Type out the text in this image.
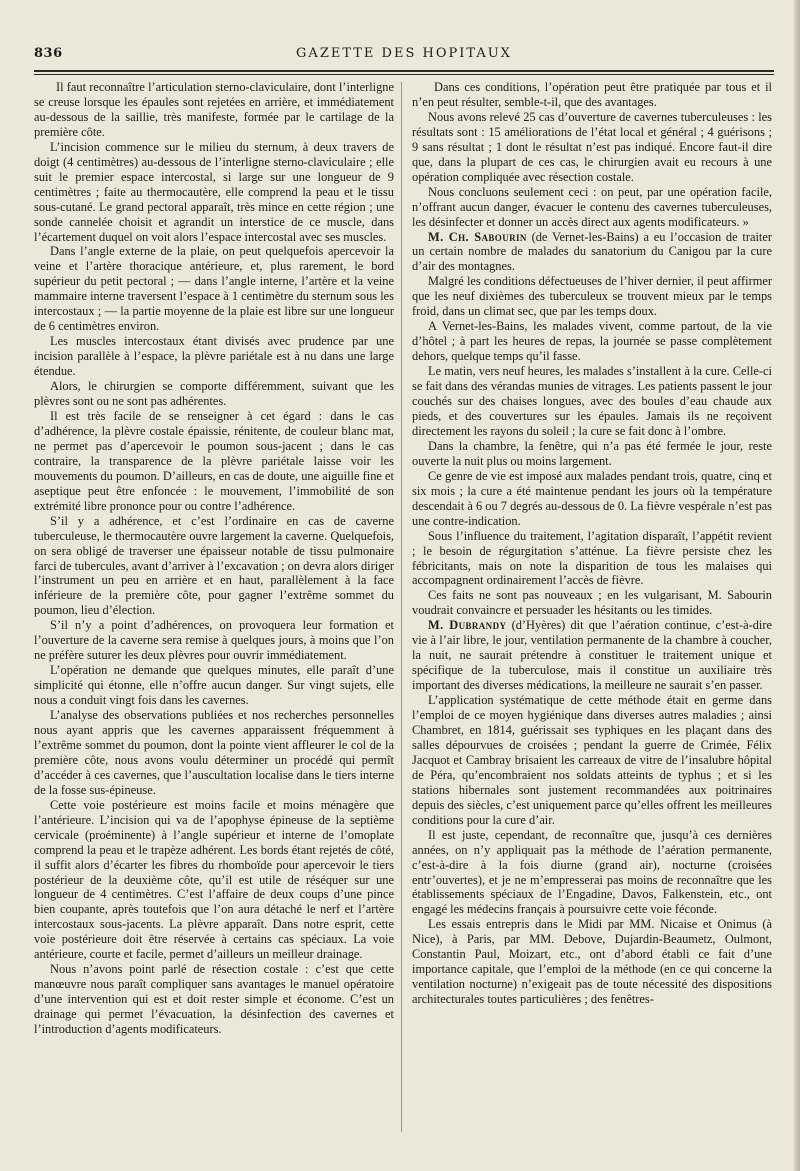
836	GAZETTE DES HOPITAUX

Il faut reconnaître l’articulation sterno-claviculaire, dont l’interligne se creuse lorsque les épaules sont rejetées en arrière, et immédiatement au-dessous de la saillie, très manifeste, formée par le cartilage de la première côte.

L’incision commence sur le milieu du sternum, à deux travers de doigt (4 centimètres) au-dessous de l’interligne sterno-claviculaire ; elle suit le premier espace intercostal, si large sur une longueur de 9 centimètres ; faite au thermocautère, elle comprend la peau et le tissu sous-cutané. Le grand pectoral apparaît, très mince en cette région ; une sonde cannelée choisit et agrandit un interstice de ce muscle, dans l’écartement duquel on voit alors l’espace intercostal avec ses muscles.

Dans l’angle externe de la plaie, on peut quelquefois apercevoir la veine et l’artère thoracique antérieure, et, plus rarement, le bord supérieur du petit pectoral ; — dans l’angle interne, l’artère et la veine mammaire interne traversent l’espace à 1 centimètre du sternum sous les intercostaux ; — la partie moyenne de la plaie est libre sur une longueur de 6 centimètres environ.

Les muscles intercostaux étant divisés avec prudence par une incision parallèle à l’espace, la plèvre pariétale est à nu dans une large étendue.

Alors, le chirurgien se comporte différemment, suivant que les plèvres sont ou ne sont pas adhérentes.

Il est très facile de se renseigner à cet égard : dans le cas d’adhérence, la plèvre costale épaissie, rénitente, de couleur blanc mat, ne permet pas d’apercevoir le poumon sous-jacent ; dans le cas contraire, la transparence de la plèvre pariétale laisse voir les mouvements du poumon. D’ailleurs, en cas de doute, une aiguille fine et aseptique peut être enfoncée : le mouvement, l’immobilité de son extrémité libre prononce pour ou contre l’adhérence.

S’il y a adhérence, et c’est l’ordinaire en cas de caverne tuberculeuse, le thermocautère ouvre largement la caverne. Quelquefois, on sera obligé de traverser une épaisseur notable de tissu pulmonaire farci de tubercules, avant d’arriver à l’excavation ; on devra alors diriger l’instrument un peu en arrière et en haut, parallèlement à la face inférieure de la première côte, pour gagner l’extrême sommet du poumon, lieu d’élection.

S’il n’y a point d’adhérences, on provoquera leur formation et l’ouverture de la caverne sera remise à quelques jours, à moins que l’on ne préfère suturer les deux plèvres pour ouvrir immédiatement.

L’opération ne demande que quelques minutes, elle paraît d’une simplicité qui étonne, elle n’offre aucun danger. Sur vingt sujets, elle nous a conduit vingt fois dans les cavernes.

L’analyse des observations publiées et nos recherches personnelles nous ayant appris que les cavernes apparaissent fréquemment à l’extrême sommet du poumon, dont la pointe vient affleurer le col de la première côte, nous avons voulu déterminer un procédé qui permît d’accéder à ces cavernes, que l’auscultation localise dans le tiers interne de la fosse sus-épineuse.

Cette voie postérieure est moins facile et moins ménagère que l’antérieure. L’incision qui va de l’apophyse épineuse de la septième cervicale (proéminente) à l’angle supérieur et interne de l’omoplate comprend la peau et le trapèze adhérent. Les bords étant rejetés de côté, il suffit alors d’écarter les fibres du rhomboïde pour apercevoir le tiers postérieur de la deuxième côte, qu’il est utile de réséquer sur une longueur de 4 centimètres. C’est l’affaire de deux coups d’une pince bien coupante, après toutefois que l’on aura détaché le nerf et l’artère intercostaux sous-jacents. La plèvre apparaît. Dans notre esprit, cette voie postérieure doit être réservée à certains cas spéciaux. La voie antérieure, courte et facile, permet d’ailleurs un meilleur drainage.

Nous n’avons point parlé de résection costale : c’est que cette manœuvre nous paraît compliquer sans avantages le manuel opératoire d’une intervention qui est et doit rester simple et économe. C’est un drainage qui permet l’évacuation, la désinfection des cavernes et l’introduction d’agents modificateurs.

Dans ces conditions, l’opération peut être pratiquée par tous et il n’en peut résulter, semble-t-il, que des avantages.

Nous avons relevé 25 cas d’ouverture de cavernes tuberculeuses : les résultats sont : 15 améliorations de l’état local et général ; 4 guérisons ; 9 sans résultat ; 1 dont le résultat n’est pas indiqué. Encore faut-il dire que, dans la plupart de ces cas, le chirurgien avait eu recours à une opération compliquée avec résection costale.

Nous concluons seulement ceci : on peut, par une opération facile, n’offrant aucun danger, évacuer le contenu des cavernes tuberculeuses, les désinfecter et donner un accès direct aux agents modificateurs. »

M. Ch. Sabourin (de Vernet-les-Bains) a eu l’occasion de traiter un certain nombre de malades du sanatorium du Canigou par la cure d’air des montagnes.

Malgré les conditions défectueuses de l’hiver dernier, il peut affirmer que les neuf dixièmes des tuberculeux se trouvent mieux par le temps froid, dans un climat sec, que par les temps doux.

A Vernet-les-Bains, les malades vivent, comme partout, de la vie d’hôtel ; à part les heures de repas, la journée se passe complètement dehors, quelque temps qu’il fasse.

Le matin, vers neuf heures, les malades s’installent à la cure. Celle-ci se fait dans des vérandas munies de vitrages. Les patients passent le jour couchés sur des chaises longues, avec des boules d’eau chaude aux pieds, et des couvertures sur les épaules. Jamais ils ne reçoivent directement les rayons du soleil ; la cure se fait donc à l’ombre.

Dans la chambre, la fenêtre, qui n’a pas été fermée le jour, reste ouverte la nuit plus ou moins largement.

Ce genre de vie est imposé aux malades pendant trois, quatre, cinq et six mois ; la cure a été maintenue pendant les jours où la température descendait à 6 ou 7 degrés au-dessous de 0. La fièvre vespérale n’est pas une contre-indication.

Sous l’influence du traitement, l’agitation disparaît, l’appétit revient ; le besoin de régurgitation s’atténue. La fièvre persiste chez les fébricitants, mais on note la disparition de tous les malaises qui accompagnent ordinairement l’accès de fièvre.

Ces faits ne sont pas nouveaux ; en les vulgarisant, M. Sabourin voudrait convaincre et persuader les hésitants ou les timides.

M. Dubrandy (d’Hyères) dit que l’aération continue, c’est-à-dire vie à l’air libre, le jour, ventilation permanente de la chambre à coucher, la nuit, ne saurait prétendre à constituer le traitement unique et spécifique de la tuberculose, mais il constitue un auxiliaire très important des diverses médications, la meilleure ne saurait s’en passer.

L’application systématique de cette méthode était en germe dans l’emploi de ce moyen hygiénique dans diverses autres maladies ; ainsi Chambret, en 1814, guérissait ses typhiques en les plaçant dans des salles dépourvues de croisées ; pendant la guerre de Crimée, Félix Jacquot et Cambray brisaient les carreaux de vitre de l’insalubre hôpital de Péra, qu’encombraient nos soldats atteints de typhus ; et si les stations hibernales sont justement recommandées aux poitrinaires depuis des siècles, c’est uniquement parce qu’elles offrent les meilleures conditions pour la cure d’air.

Il est juste, cependant, de reconnaître que, jusqu’à ces dernières années, on n’y appliquait pas la méthode de l’aération permanente, c’est-à-dire à la fois diurne (grand air), nocturne (croisées entr’ouvertes), et je ne m’empresserai pas moins de reconnaître que les établissements spéciaux de l’Engadine, Davos, Falkenstein, etc., ont engagé les médecins français à poursuivre cette voie féconde.

Les essais entrepris dans le Midi par MM. Nicaise et Onimus (à Nice), à Paris, par MM. Debove, Dujardin-Beaumetz, Oulmont, Constantin Paul, Moizart, etc., ont d’abord établi ce fait d’une importance capitale, que l’emploi de la méthode (en ce qui concerne la ventilation nocturne) n’exigeait pas de toute nécessité des dispositions architecturales toutes particulières ; des fenêtres-
